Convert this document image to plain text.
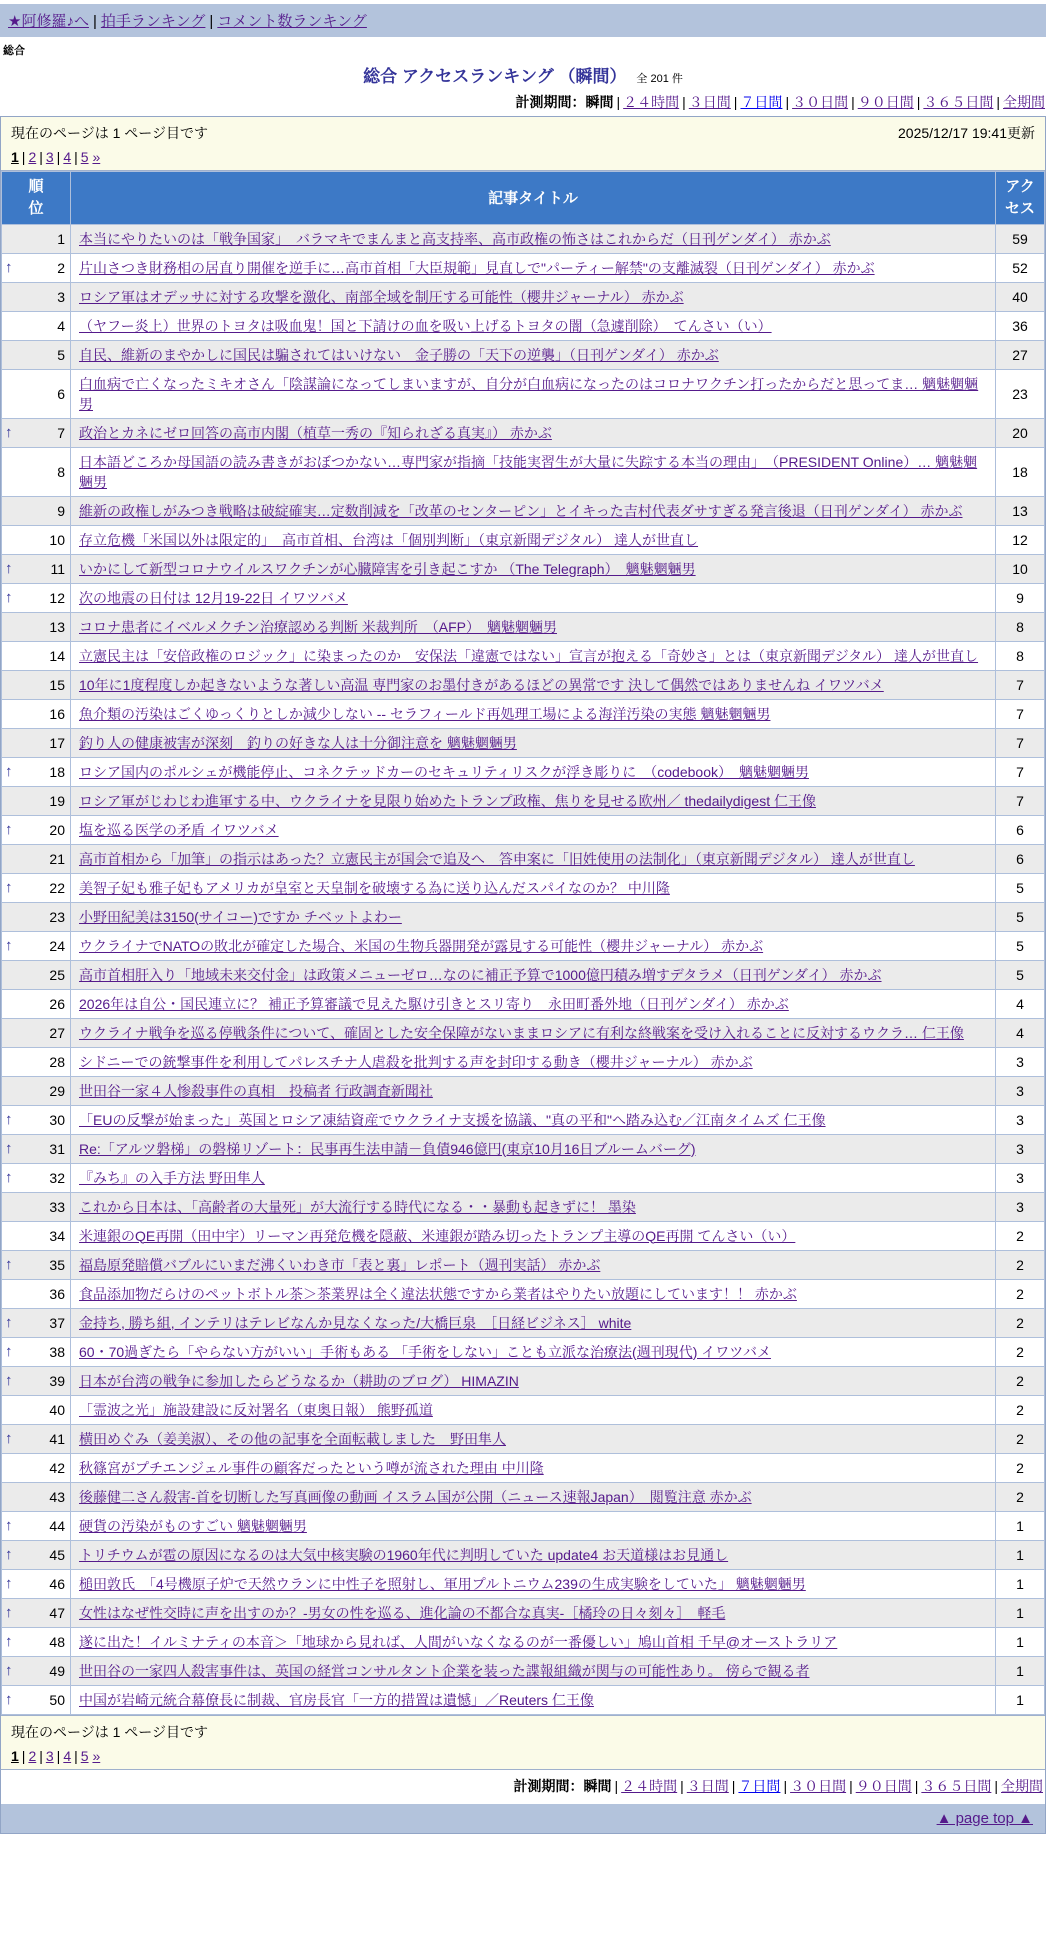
★阿修羅♪へ | 拍手ランキング | コメント数ランキング
総合
総合 アクセスランキング （瞬間） 全 201 件
計測期間：瞬間 | ２４時間 | ３日間 | ７日間 | ３０日間 | ９０日間 | ３６５日間 | 全期間
現在のページは 1 ページ目です	2025/12/17 19:41更新
1 | 2 | 3 | 4 | 5 »
順位	記事タイトル	アクセス

1	本当にやりたいのは「戦争国家」　バラマキでまんまと高支持率、高市政権の怖さはこれからだ（日刊ゲンダイ） 赤かぶ	59

↑ 2	片山さつき財務相の居直り開催を逆手に…高市首相「大臣規範」見直しで"パーティー解禁"の支離滅裂（日刊ゲンダイ） 赤かぶ	52

3	ロシア軍はオデッサに対する攻撃を激化、南部全域を制圧する可能性（櫻井ジャーナル） 赤かぶ	40

4	（ヤフー炎上）世界のトヨタは吸血鬼！国と下請けの血を吸い上げるトヨタの闇（急遽削除）　てんさい（い）	36

5	自民、維新のまやかしに国民は騙されてはいけない　金子勝の「天下の逆襲」（日刊ゲンダイ） 赤かぶ	27

6	白血病で亡くなったミキオさん「陰謀論になってしまいますが、自分が白血病になったのはコロナワクチン打ったからだと思ってま… 魑魅魍魎男	23

↑ 7	政治とカネにゼロ回答の高市内閣（植草一秀の『知られざる真実』） 赤かぶ	20

8	日本語どころか母国語の読み書きがおぼつかない…専門家が指摘「技能実習生が大量に失踪する本当の理由」　（PRESIDENT Online）… 魑魅魍魎男	18

9	維新の政権しがみつき戦略は破綻確実…定数削減を「改革のセンターピン」とイキった吉村代表ダサすぎる発言後退（日刊ゲンダイ） 赤かぶ	13

10	存立危機「米国以外は限定的」　高市首相、台湾は「個別判断」（東京新聞デジタル） 達人が世直し	12

↑ 11	いかにして新型コロナウイルスワクチンが心臓障害を引き起こすか （The Telegraph）　魑魅魍魎男	10

↑ 12	次の地震の日付は 12月19-22日 イワツバメ	9

13	コロナ患者にイベルメクチン治療認める判断 米裁判所　（AFP）　魑魅魍魎男	8

14	立憲民主は「安倍政権のロジック」に染まったのか　安保法「違憲ではない」宣言が抱える「奇妙さ」とは（東京新聞デジタル） 達人が世直し	8

15	10年に1度程度しか起きないような著しい高温 専門家のお墨付きがあるほどの異常です 決して偶然ではありませんね イワツバメ	7

16	魚介類の汚染はごくゆっくりとしか減少しない -- セラフィールド再処理工場による海洋汚染の実態 魑魅魍魎男	7

17	釣り人の健康被害が深刻　釣りの好きな人は十分御注意を 魑魅魍魎男	7

↑ 18	ロシア国内のポルシェが機能停止、コネクテッドカーのセキュリティリスクが浮き彫りに　（codebook）　魑魅魍魎男	7

19	ロシア軍がじわじわ進軍する中、ウクライナを見限り始めたトランプ政権、焦りを見せる欧州／ thedailydigest 仁王像	7

↑ 20	塩を巡る医学の矛盾 イワツバメ	6

21	高市首相から「加筆」の指示はあった？立憲民主が国会で追及へ　答申案に「旧姓使用の法制化」（東京新聞デジタル） 達人が世直し	6

↑ 22	美智子妃も雅子妃もアメリカが皇室と天皇制を破壊する為に送り込んだスパイなのか？ 中川隆	5

23	小野田紀美は3150(サイコー)ですか チベットよわー	5

↑ 24	ウクライナでNATOの敗北が確定した場合、米国の生物兵器開発が露見する可能性（櫻井ジャーナル） 赤かぶ	5

25	高市首相肝入り「地域未来交付金」は政策メニューゼロ…なのに補正予算で1000億円積み増すデタラメ（日刊ゲンダイ） 赤かぶ	5

26	2026年は自公・国民連立に？ 補正予算審議で見えた駆け引きとスリ寄り　永田町番外地（日刊ゲンダイ） 赤かぶ	4

27	ウクライナ戦争を巡る停戦条件について、確固とした安全保障がないままロシアに有利な終戦案を受け入れることに反対するウクラ… 仁王像	4

28	シドニーでの銃撃事件を利用してパレスチナ人虐殺を批判する声を封印する動き（櫻井ジャーナル） 赤かぶ	3

29	世田谷一家４人惨殺事件の真相　投稿者 行政調査新聞社	3

↑ 30	「EUの反撃が始まった」英国とロシア凍結資産でウクライナ支援を協議、"真の平和"へ踏み込む／江南タイムズ 仁王像	3

↑ 31	Re:「アルツ磐梯」の磐梯リゾート：民事再生法申請－負債946億円(東京10月16日ブルームバーグ)	3

↑ 32	『みち』の入手方法 野田隼人	3

33	これから日本は、「高齢者の大量死」が大流行する時代になる・・暴動も起きずに！ 墨染	3

34	米連銀のQE再開（田中宇）リーマン再発危機を隠蔽、米連銀が踏み切ったトランプ主導のQE再開 てんさい（い）	2

↑ 35	福島原発賠償バブルにいまだ沸くいわき市「表と裏」レポート（週刊実話） 赤かぶ	2

36	食品添加物だらけのペットボトル茶＞茶業界は全く違法状態ですから業者はやりたい放題にしています！！ 赤かぶ	2

↑ 37	金持ち, 勝ち組, インテリはテレビなんか見なくなった/大橋巨泉　［日経ビジネス］ white	2

↑ 38	60・70過ぎたら「やらない方がいい」手術もある 「手術をしない」ことも立派な治療法(週刊現代) イワツバメ	2

↑ 39	日本が台湾の戦争に参加したらどうなるか（耕助のブログ） HIMAZIN	2

40	「霊波之光」施設建設に反対署名（東奥日報） 熊野孤道	2

↑ 41	横田めぐみ（姜美淑）、その他の記事を全面転載しました　野田隼人	2

42	秋篠宮がプチエンジェル事件の顧客だったという噂が流された理由 中川隆	2

43	後藤健二さん殺害-首を切断した写真画像の動画 イスラム国が公開（ニュース速報Japan）　閲覧注意 赤かぶ	2

↑ 44	硬貨の汚染がものすごい 魑魅魍魎男	1

↑ 45	トリチウムが雹の原因になるのは大気中核実験の1960年代に判明していた update4 お天道様はお見通し	1

↑ 46	槌田敦氏　「4号機原子炉で天然ウランに中性子を照射し、軍用プルトニウム239の生成実験をしていた」 魑魅魍魎男	1

↑ 47	女性はなぜ性交時に声を出すのか？-男女の性を巡る、進化論の不都合な真実-［橘玲の日々刻々］　軽毛	1

↑ 48	遂に出た！イルミナティの本音＞「地球から見れば、人間がいなくなるのが一番優しい」鳩山首相 千早@オーストラリア	1

↑ 49	世田谷の一家四人殺害事件は、英国の経営コンサルタント企業を装った諜報組織が関与の可能性あり。 傍らで観る者	1

↑ 50	中国が岩崎元統合幕僚長に制裁、官房長官「一方的措置は遺憾」／Reuters 仁王像	1
現在のページは 1 ページ目です
1 | 2 | 3 | 4 | 5 »
計測期間：瞬間 | ２４時間 | ３日間 | ７日間 | ３０日間 | ９０日間 | ３６５日間 | 全期間
▲ page top ▲
